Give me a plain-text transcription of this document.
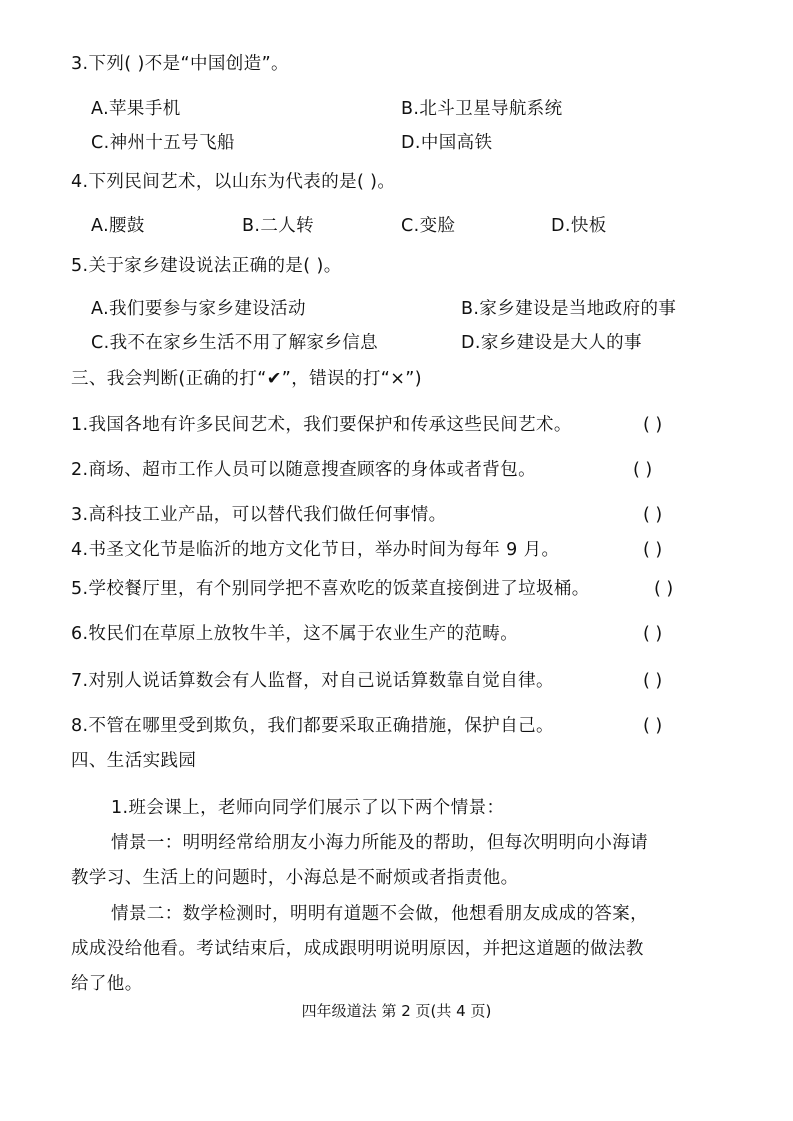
3.下列( )不是“中国创造”。
A.苹果手机	B.北斗卫星导航系统
C.神州十五号飞船	D.中国高铁
4.下列民间艺术，以山东为代表的是( )。
A.腰鼓	B.二人转	C.变脸	D.快板
5.关于家乡建设说法正确的是( )。
A.我们要参与家乡建设活动	B.家乡建设是当地政府的事
C.我不在家乡生活不用了解家乡信息	D.家乡建设是大人的事
三、我会判断(正确的打“✔”，错误的打“×”)
1.我国各地有许多民间艺术，我们要保护和传承这些民间艺术。	( )
2.商场、超市工作人员可以随意搜查顾客的身体或者背包。	( )
3.高科技工业产品，可以替代我们做任何事情。	( )
4.书圣文化节是临沂的地方文化节日，举办时间为每年 9 月。	( )
5.学校餐厅里，有个别同学把不喜欢吃的饭菜直接倒进了垃圾桶。	( )
6.牧民们在草原上放牧牛羊，这不属于农业生产的范畴。	( )
7.对别人说话算数会有人监督，对自己说话算数靠自觉自律。	( )
8.不管在哪里受到欺负，我们都要采取正确措施，保护自己。	( )
四、生活实践园
1.班会课上，老师向同学们展示了以下两个情景：
情景一：明明经常给朋友小海力所能及的帮助，但每次明明向小海请
教学习、生活上的问题时，小海总是不耐烦或者指责他。
情景二：数学检测时，明明有道题不会做，他想看朋友成成的答案，
成成没给他看。考试结束后，成成跟明明说明原因，并把这道题的做法教
给了他。
四年级道法 第 2 页(共 4 页)
